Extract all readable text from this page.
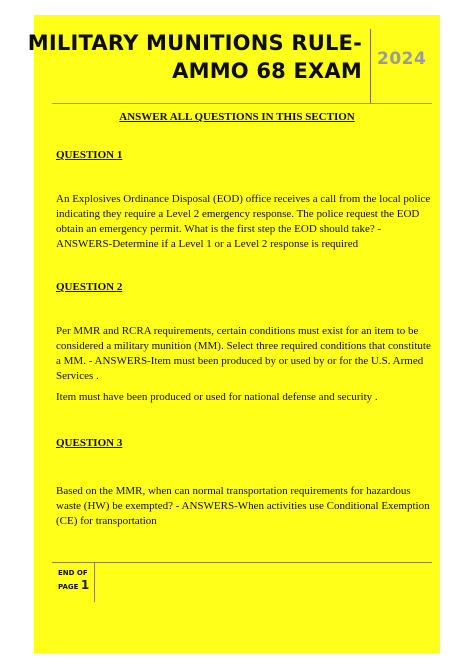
MILITARY MUNITIONS RULE-
AMMO 68 EXAM 2024
ANSWER ALL QUESTIONS IN THIS SECTION
QUESTION 1

An Explosives Ordinance Disposal (EOD) office receives a call from the local police indicating they require a Level 2 emergency response. The police request the EOD obtain an emergency permit. What is the first step the EOD should take? - ANSWERS-Determine if a Level 1 or a Level 2 response is required

QUESTION 2

Per MMR and RCRA requirements, certain conditions must exist for an item to be considered a military munition (MM). Select three required conditions that constitute a MM. - ANSWERS-Item must been produced by or used by or for the U.S. Armed Services .

Item must have been produced or used for national defense and security .

QUESTION 3

Based on the MMR, when can normal transportation requirements for hazardous waste (HW) be exempted? - ANSWERS-When activities use Conditional Exemption (CE) for transportation

END OF
PAGE 1
